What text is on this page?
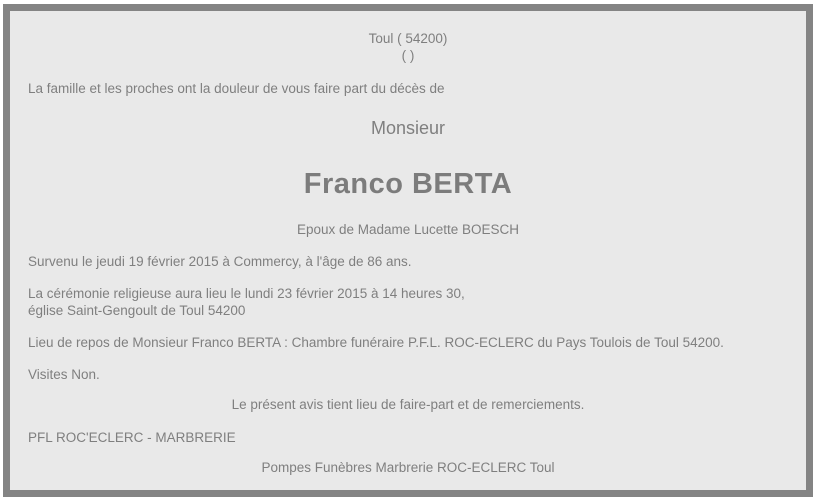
Toul ( 54200)
( )
La famille et les proches ont la douleur de vous faire part du décès de
Monsieur
Franco BERTA
Epoux de Madame Lucette BOESCH
Survenu le jeudi 19 février 2015 à Commercy, à l'âge de 86 ans.
La cérémonie religieuse aura lieu le lundi 23 février 2015 à 14 heures 30,
église Saint-Gengoult de Toul 54200
Lieu de repos de Monsieur Franco BERTA : Chambre funéraire P.F.L. ROC-ECLERC du Pays Toulois de Toul 54200.
Visites Non.
Le présent avis tient lieu de faire-part et de remerciements.
PFL ROC'ECLERC - MARBRERIE
Pompes Funèbres Marbrerie ROC-ECLERC Toul
